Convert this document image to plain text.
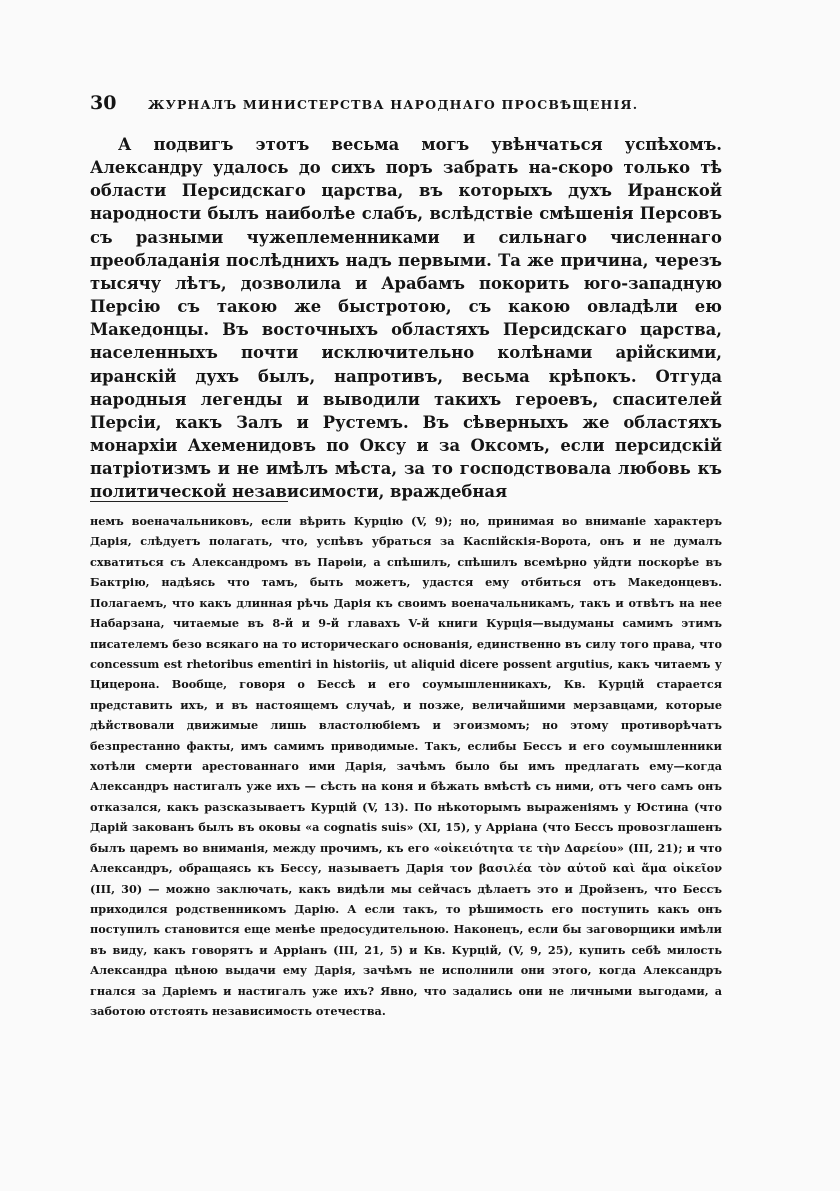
30	ЖУРНАЛЪ МИНИСТЕРСТВА НАРОДНАГО ПРОСВѢЩЕНІЯ.

А подвигъ этотъ весьма могъ увѣнчаться успѣхомъ. Александру удалось до сихъ поръ забрать на-скоро только тѣ области Персидскаго царства, въ которыхъ духъ Иранской народности былъ наиболѣе слабъ, вслѣдствіе смѣшенія Персовъ съ разными чужеплеменниками и сильнаго численнаго преобладанія послѣднихъ надъ первыми. Та же причина, черезъ тысячу лѣтъ, дозволила и Арабамъ покорить юго-западную Персію съ такою же быстротою, съ какою овладѣли ею Македонцы. Въ восточныхъ областяхъ Персидскаго царства, населенныхъ почти исключительно колѣнами арійскими, иранскій духъ былъ, напротивъ, весьма крѣпокъ. Отгуда народныя легенды и выводили такихъ героевъ, спасителей Персіи, какъ Залъ и Рустемъ. Въ сѣверныхъ же областяхъ монархіи Ахеменидовъ по Оксу и за Оксомъ, если персидскій патріотизмъ и не имѣлъ мѣста, за то господствовала любовь къ политической независимости, враждебная

немъ военачальниковъ, если вѣрить Курцію (V, 9); но, принимая во вниманіе характеръ Дарія, слѣдуетъ полагать, что, успѣвъ убраться за Каспійскія-Ворота, онъ и не думалъ схватиться съ Александромъ въ Парѳіи, а спѣшилъ, спѣшилъ всемѣрно уйдти поскорѣе въ Бактрію, надѣясь что тамъ, быть можетъ, удастся ему отбиться отъ Македонцевъ. Полагаемъ, что какъ длинная рѣчь Дарія къ своимъ военачальникамъ, такъ и отвѣтъ на нее Набарзана, читаемые въ 8-й и 9-й главахъ V-й книги Курція—выдуманы самимъ этимъ писателемъ безо всякаго на то историческаго основанія, единственно въ силу того права, что concessum est rhetoribus ementiri in historiis, ut aliquid dicere possent argutius, какъ читаемъ у Цицерона. Вообще, говоря о Бессѣ и его соумышленникахъ, Кв. Курцій старается представить ихъ, и въ настоящемъ случаѣ, и позже, величайшими мерзавцами, которые дѣйствовали движимые лишь властолюбіемъ и эгоизмомъ; но этому противорѣчатъ безпрестанно факты, имъ самимъ приводимые. Такъ, еслибы Бессъ и его соумышленники хотѣли смерти арестованнаго ими Дарія, зачѣмъ было бы имъ предлагать ему—когда Александръ настигалъ уже ихъ — сѣсть на коня и бѣжать вмѣстѣ съ ними, отъ чего самъ онъ отказался, какъ разсказываетъ Курцій (V, 13). По нѣкоторымъ выраженіямъ у Юстина (что Дарій закованъ былъ въ оковы «a cognatis suis» (XI, 15), у Арріана (что Бессъ провозглашенъ былъ царемъ во вниманія, между прочимъ, къ его «οἰκειότητα τε τὴν Δαρείου» (III, 21); и что Александръ, обращаясь къ Бессу, называетъ Дарія τον βασιλέα τὸν αὑτοῦ καὶ ἅμα οἰκεῖον (III, 30) — можно заключать, какъ видѣли мы сейчасъ дѣлаетъ это и Дройзенъ, что Бессъ приходился родственникомъ Дарію. А если такъ, то рѣшимость его поступить какъ онъ поступилъ становится еще менѣе предосудительною. Наконецъ, если бы заговорщики имѣли въ виду, какъ говорятъ и Арріанъ (III, 21, 5) и Кв. Курцій, (V, 9, 25), купить себѣ милость Александра цѣною выдачи ему Дарія, зачѣмъ не исполнили они этого, когда Александръ гнался за Даріемъ и настигалъ уже ихъ? Явно, что задались они не личными выгодами, а заботою отстоять независимость отечества.
